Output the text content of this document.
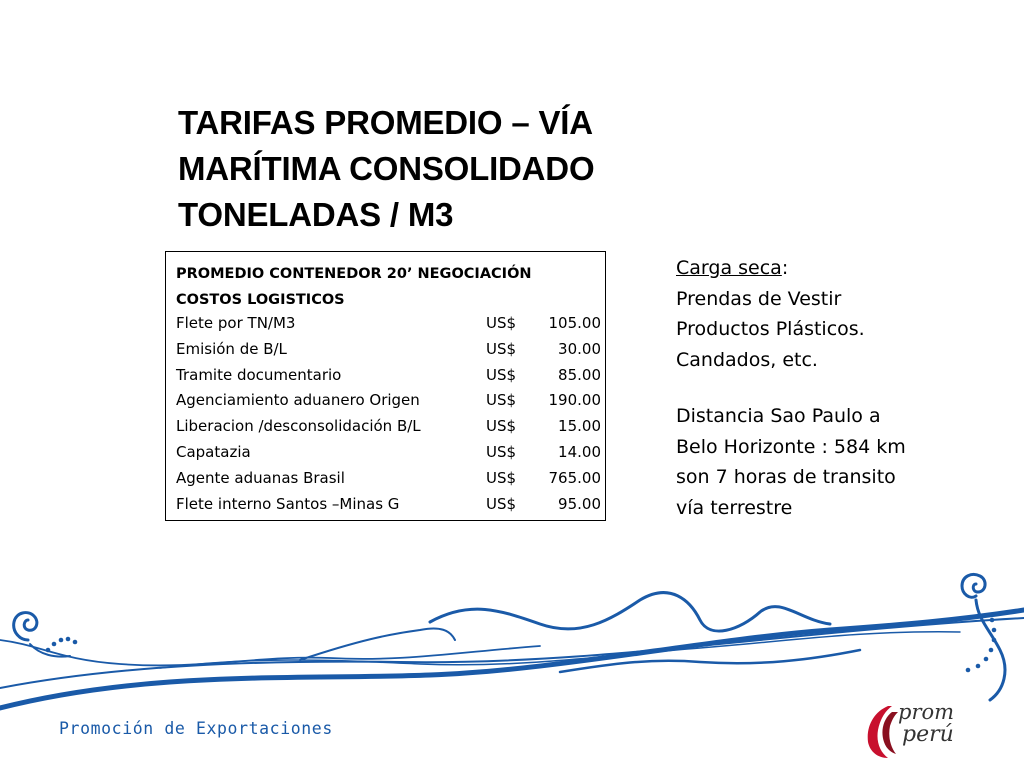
TARIFAS PROMEDIO – VÍA
MARÍTIMA CONSOLIDADO
TONELADAS / M3
PROMEDIO CONTENEDOR 20’ NEGOCIACIÓN
COSTOS LOGISTICOS
Flete por TN/M3	US$	105.00
Emisión de B/L	US$	30.00
Tramite documentario	US$	85.00
Agenciamiento aduanero Origen	US$	190.00
Liberacion /desconsolidación B/L	US$	15.00
Capatazia	US$	14.00
Agente aduanas Brasil	US$	765.00
Flete interno Santos –Minas G	US$	95.00
Carga seca:
Prendas de Vestir
Productos Plásticos.
Candados, etc.
Distancia Sao Paulo a
Belo Horizonte : 584 km
son 7 horas de transito
vía terrestre
Promoción de Exportaciones
prom
perú
